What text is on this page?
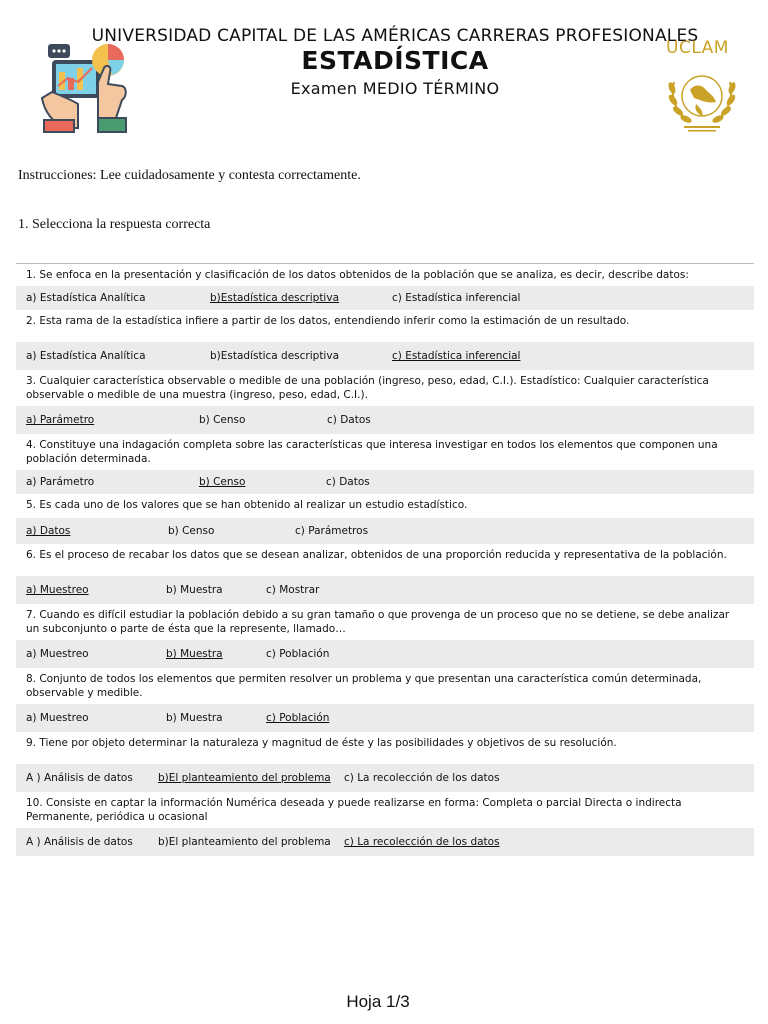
UNIVERSIDAD CAPITAL DE LAS AMÉRICAS CARRERAS PROFESIONALES
ESTADÍSTICA
Examen MEDIO TÉRMINO
UCLAM
Instrucciones: Lee cuidadosamente y contesta correctamente.
1. Selecciona la respuesta correcta
1. Se enfoca en la presentación y clasificación de los datos obtenidos de la población que se analiza, es decir, describe datos:
a) Estadística Analítica	b)Estadística descriptiva	c) Estadística inferencial
2. Esta rama de la estadística infiere a partir de los datos, entendiendo inferir como la estimación de un resultado.
a) Estadística Analítica	b)Estadística descriptiva	c) Estadística inferencial
3. Cualquier característica observable o medible de una población (ingreso, peso, edad, C.I.). Estadístico: Cualquier característica observable o medible de una muestra (ingreso, peso, edad, C.I.).
a) Parámetro	b) Censo	c) Datos
4. Constituye una indagación completa sobre las características que interesa investigar en todos los elementos que componen una población determinada.
a) Parámetro	b) Censo	c) Datos
5. Es cada uno de los valores que se han obtenido al realizar un estudio estadístico.
a) Datos	b) Censo	c) Parámetros
6. Es el proceso de recabar los datos que se desean analizar, obtenidos de una proporción reducida y representativa de la población.
a) Muestreo	b) Muestra	c) Mostrar
7. Cuando es difícil estudiar la población debido a su gran tamaño o que provenga de un proceso que no se detiene, se debe analizar un subconjunto o parte de ésta que la represente, llamado…
a) Muestreo	b) Muestra	c) Población
8. Conjunto de todos los elementos que permiten resolver un problema y que presentan una característica común determinada, observable y medible.
a) Muestreo	b) Muestra	c) Población
9. Tiene por objeto determinar la naturaleza y magnitud de éste y las posibilidades y objetivos de su resolución.
A ) Análisis de datos	b)El planteamiento del problema	c) La recolección de los datos
10. Consiste en captar la información Numérica deseada y puede realizarse en forma: Completa o parcial Directa o indirecta Permanente, periódica u ocasional
A ) Análisis de datos	b)El planteamiento del problema	c) La recolección de los datos
Hoja 1/3
